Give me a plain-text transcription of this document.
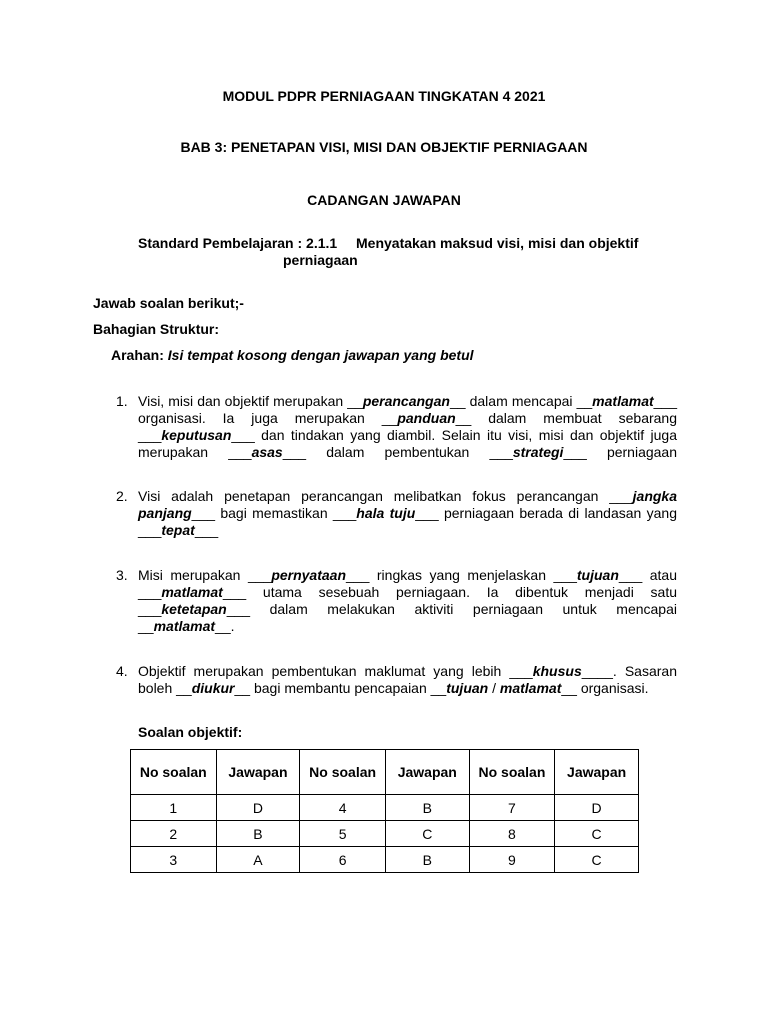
MODUL PDPR PERNIAGAAN TINGKATAN 4 2021
BAB 3: PENETAPAN VISI, MISI DAN OBJEKTIF PERNIAGAAN
CADANGAN JAWAPAN
Standard Pembelajaran : 2.1.1 Menyatakan maksud visi, misi dan objektif
perniagaan
Jawab soalan berikut;-
Bahagian Struktur:
Arahan: Isi tempat kosong dengan jawapan yang betul
1. Visi, misi dan objektif merupakan __perancangan__ dalam mencapai __matlamat___ organisasi. Ia juga merupakan __panduan__ dalam membuat sebarang ___keputusan___ dan tindakan yang diambil. Selain itu visi, misi dan objektif juga merupakan ___asas___ dalam pembentukan ___strategi___ perniagaan
2. Visi adalah penetapan perancangan melibatkan fokus perancangan ___jangka panjang___ bagi memastikan ___hala tuju___ perniagaan berada di landasan yang ___tepat___
3. Misi merupakan ___pernyataan___ ringkas yang menjelaskan ___tujuan___ atau ___matlamat___ utama sesebuah perniagaan. Ia dibentuk menjadi satu ___ketetapan___ dalam melakukan aktiviti perniagaan untuk mencapai __matlamat__.
4. Objektif merupakan pembentukan maklumat yang lebih ___khusus____. Sasaran boleh __diukur__ bagi membantu pencapaian __tujuan / matlamat__ organisasi.
Soalan objektif:
No soalan	Jawapan	No soalan	Jawapan	No soalan	Jawapan
1	D	4	B	7	D
2	B	5	C	8	C
3	A	6	B	9	C
